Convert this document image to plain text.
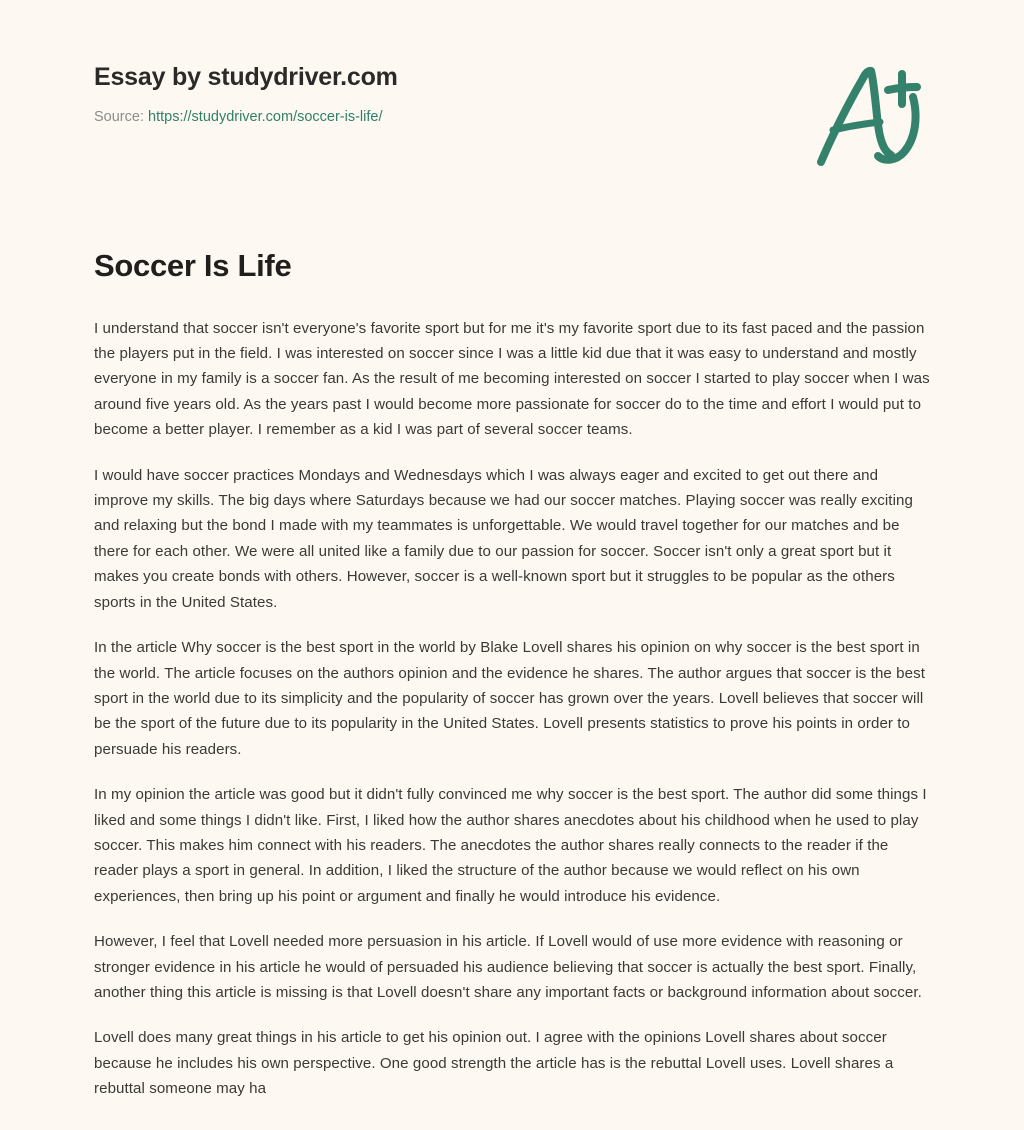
Essay by studydriver.com
Source: https://studydriver.com/soccer-is-life/
Soccer Is Life

I understand that soccer isn't everyone's favorite sport but for me it's my favorite sport due to its fast paced and the passion the players put in the field. I was interested on soccer since I was a little kid due that it was easy to understand and mostly everyone in my family is a soccer fan. As the result of me becoming interested on soccer I started to play soccer when I was around five years old. As the years past I would become more passionate for soccer do to the time and effort I would put to become a better player. I remember as a kid I was part of several soccer teams.

I would have soccer practices Mondays and Wednesdays which I was always eager and excited to get out there and improve my skills. The big days where Saturdays because we had our soccer matches. Playing soccer was really exciting and relaxing but the bond I made with my teammates is unforgettable. We would travel together for our matches and be there for each other. We were all united like a family due to our passion for soccer. Soccer isn't only a great sport but it makes you create bonds with others. However, soccer is a well-known sport but it struggles to be popular as the others sports in the United States.

In the article Why soccer is the best sport in the world by Blake Lovell shares his opinion on why soccer is the best sport in the world. The article focuses on the authors opinion and the evidence he shares. The author argues that soccer is the best sport in the world due to its simplicity and the popularity of soccer has grown over the years. Lovell believes that soccer will be the sport of the future due to its popularity in the United States. Lovell presents statistics to prove his points in order to persuade his readers.

In my opinion the article was good but it didn't fully convinced me why soccer is the best sport. The author did some things I liked and some things I didn't like. First, I liked how the author shares anecdotes about his childhood when he used to play soccer. This makes him connect with his readers. The anecdotes the author shares really connects to the reader if the reader plays a sport in general. In addition, I liked the structure of the author because we would reflect on his own experiences, then bring up his point or argument and finally he would introduce his evidence.

However, I feel that Lovell needed more persuasion in his article. If Lovell would of use more evidence with reasoning or stronger evidence in his article he would of persuaded his audience believing that soccer is actually the best sport. Finally, another thing this article is missing is that Lovell doesn't share any important facts or background information about soccer.

Lovell does many great things in his article to get his opinion out. I agree with the opinions Lovell shares about soccer because he includes his own perspective. One good strength the article has is the rebuttal Lovell uses. Lovell shares a rebuttal someone may ha
